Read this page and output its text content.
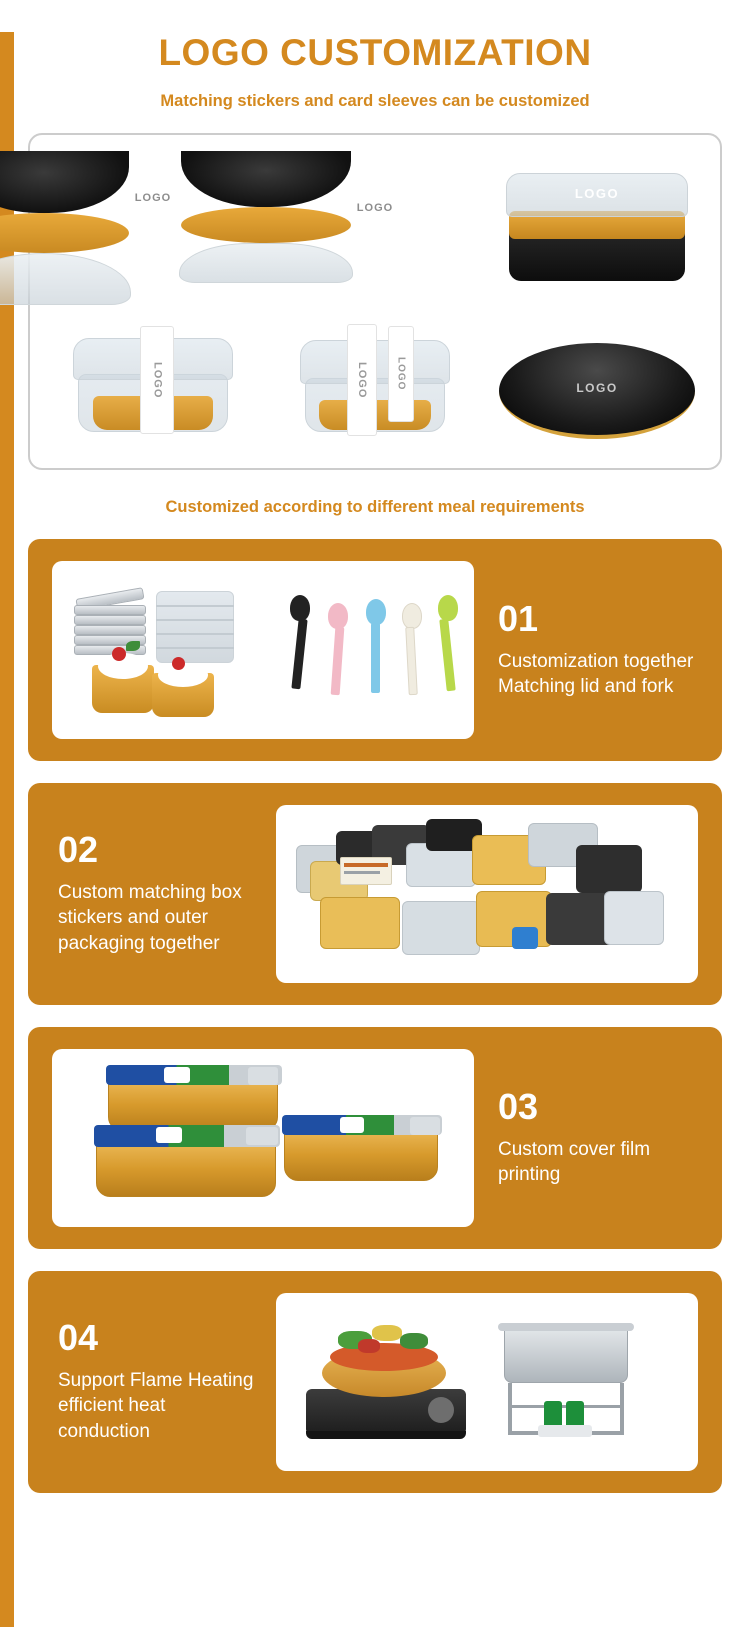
LOGO CUSTOMIZATION
Matching stickers and card sleeves can be customized
LOGO
LOGO
LOGO
LOGO	LOGO	LOGO	LOGO
Customized according to different meal requirements
01
Customization together Matching lid and fork
02
Custom matching box stickers and outer packaging together
03
Custom cover film printing
04
Support Flame Heating efficient heat conduction
